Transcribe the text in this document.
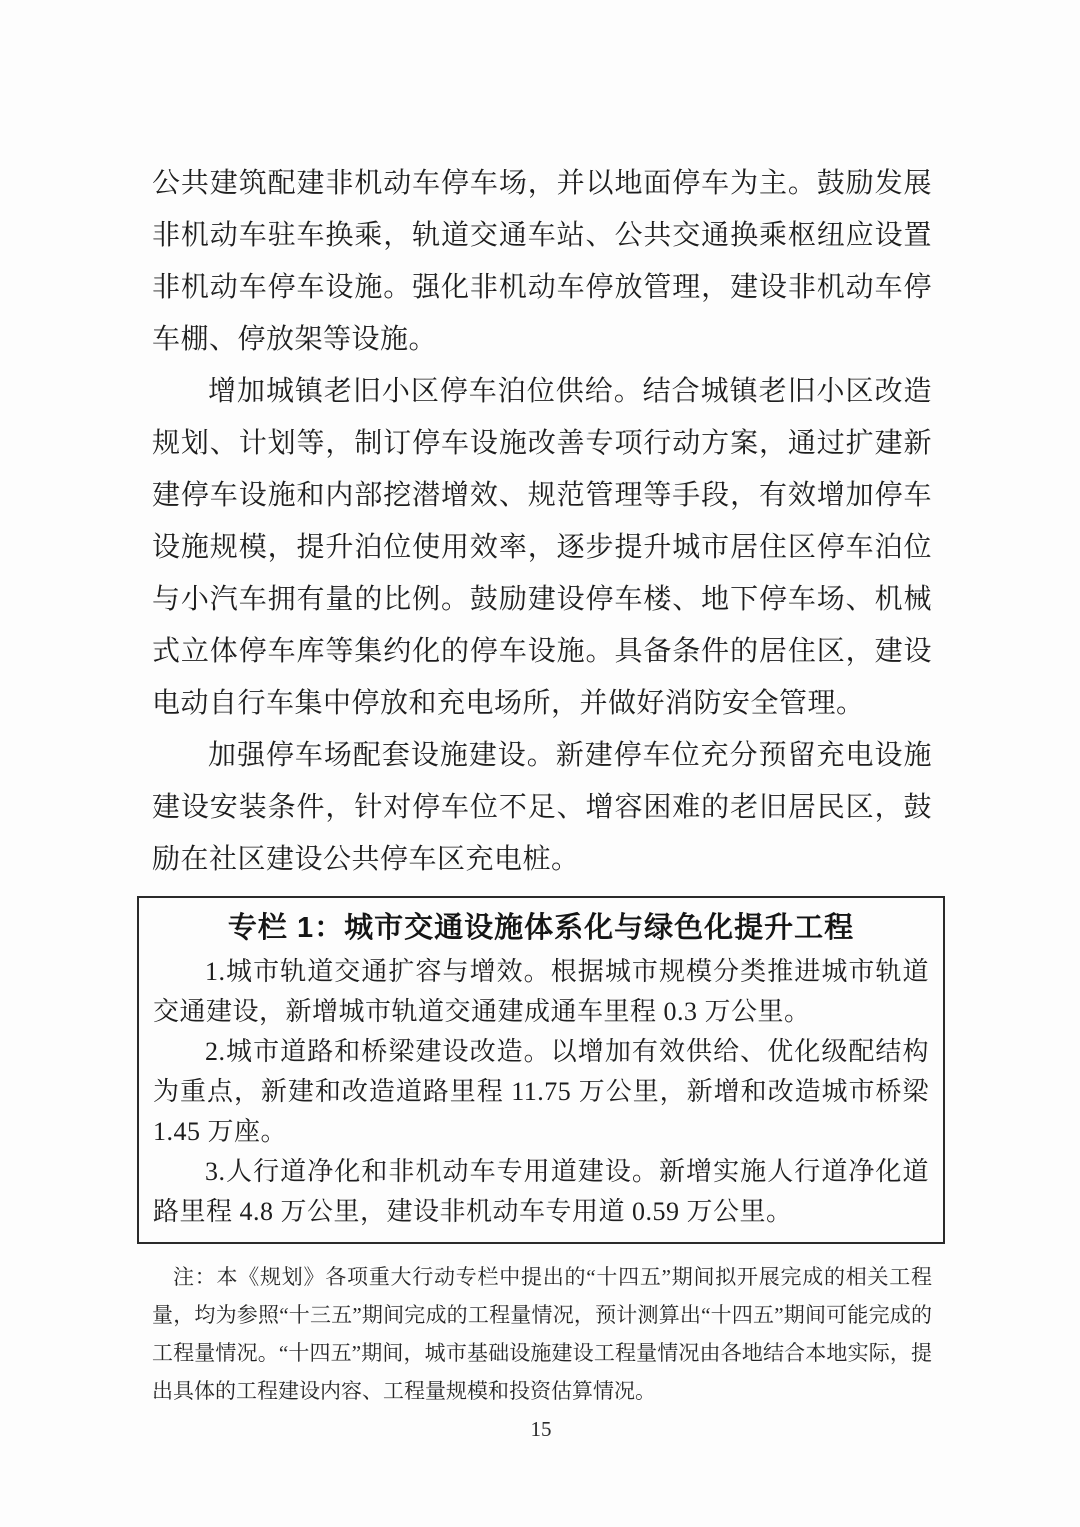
公共建筑配建非机动车停车场，并以地面停车为主。鼓励发展非机动车驻车换乘，轨道交通车站、公共交通换乘枢纽应设置非机动车停车设施。强化非机动车停放管理，建设非机动车停车棚、停放架等设施。

增加城镇老旧小区停车泊位供给。结合城镇老旧小区改造规划、计划等，制订停车设施改善专项行动方案，通过扩建新建停车设施和内部挖潜增效、规范管理等手段，有效增加停车设施规模，提升泊位使用效率，逐步提升城市居住区停车泊位与小汽车拥有量的比例。鼓励建设停车楼、地下停车场、机械式立体停车库等集约化的停车设施。具备条件的居住区，建设电动自行车集中停放和充电场所，并做好消防安全管理。

加强停车场配套设施建设。新建停车位充分预留充电设施建设安装条件，针对停车位不足、增容困难的老旧居民区，鼓励在社区建设公共停车区充电桩。

专栏 1：城市交通设施体系化与绿色化提升工程

1.城市轨道交通扩容与增效。根据城市规模分类推进城市轨道交通建设，新增城市轨道交通建成通车里程 0.3 万公里。

2.城市道路和桥梁建设改造。以增加有效供给、优化级配结构为重点，新建和改造道路里程 11.75 万公里，新增和改造城市桥梁 1.45 万座。

3.人行道净化和非机动车专用道建设。新增实施人行道净化道路里程 4.8 万公里，建设非机动车专用道 0.59 万公里。

注：本《规划》各项重大行动专栏中提出的“十四五”期间拟开展完成的相关工程量，均为参照“十三五”期间完成的工程量情况，预计测算出“十四五”期间可能完成的工程量情况。“十四五”期间，城市基础设施建设工程量情况由各地结合本地实际，提出具体的工程建设内容、工程量规模和投资估算情况。

15
